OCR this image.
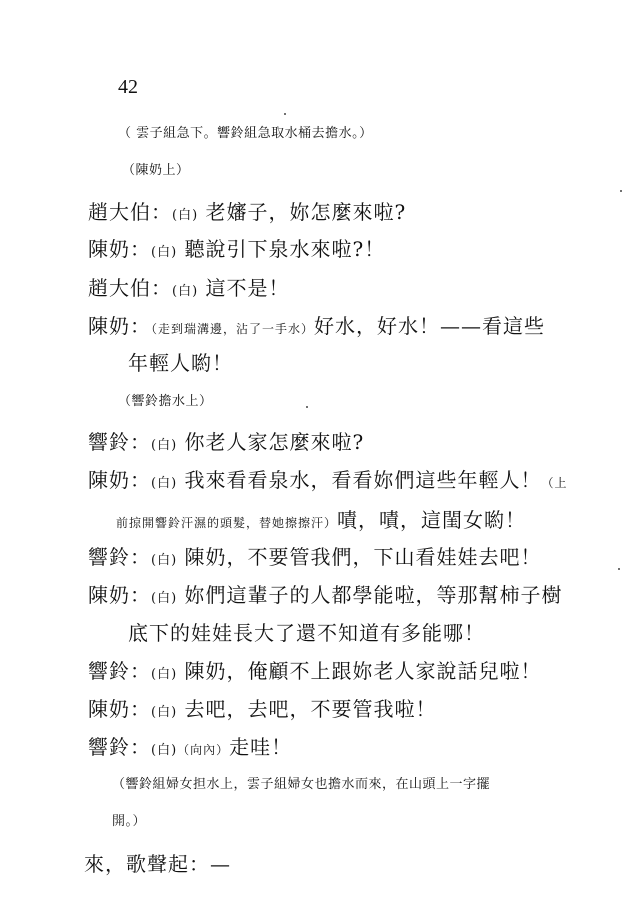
42
（ 雲子組急下。響鈴組急取水桶去擔水。）
（陳奶上）
趙大伯：(白) 老嬸子，妳怎麼來啦?
陳奶：(白) 聽說引下泉水來啦?！
趙大伯：(白) 這不是！
陳奶：（走到瑞溝邊，沾了一手水）好水，好水！——看這些
年輕人喲！
（響鈴擔水上）
響鈴：(白) 你老人家怎麼來啦?
陳奶：(白) 我來看看泉水，看看妳們這些年輕人！（上
前掠開響鈴汗濕的頭髮，替她擦擦汗）嘖，嘖，這閨女喲！
響鈴：(白) 陳奶，不要管我們，下山看娃娃去吧！
陳奶：(白) 妳們這輩子的人都學能啦，等那幫柿子樹
底下的娃娃長大了還不知道有多能哪！
響鈴：(白) 陳奶，俺顧不上跟妳老人家說話兒啦！
陳奶：(白) 去吧，去吧，不要管我啦！
響鈴：(白)（向內）走哇！
（響鈴組婦女担水上，雲子組婦女也擔水而來，在山頭上一字擺
開。）
來，歌聲起：—
